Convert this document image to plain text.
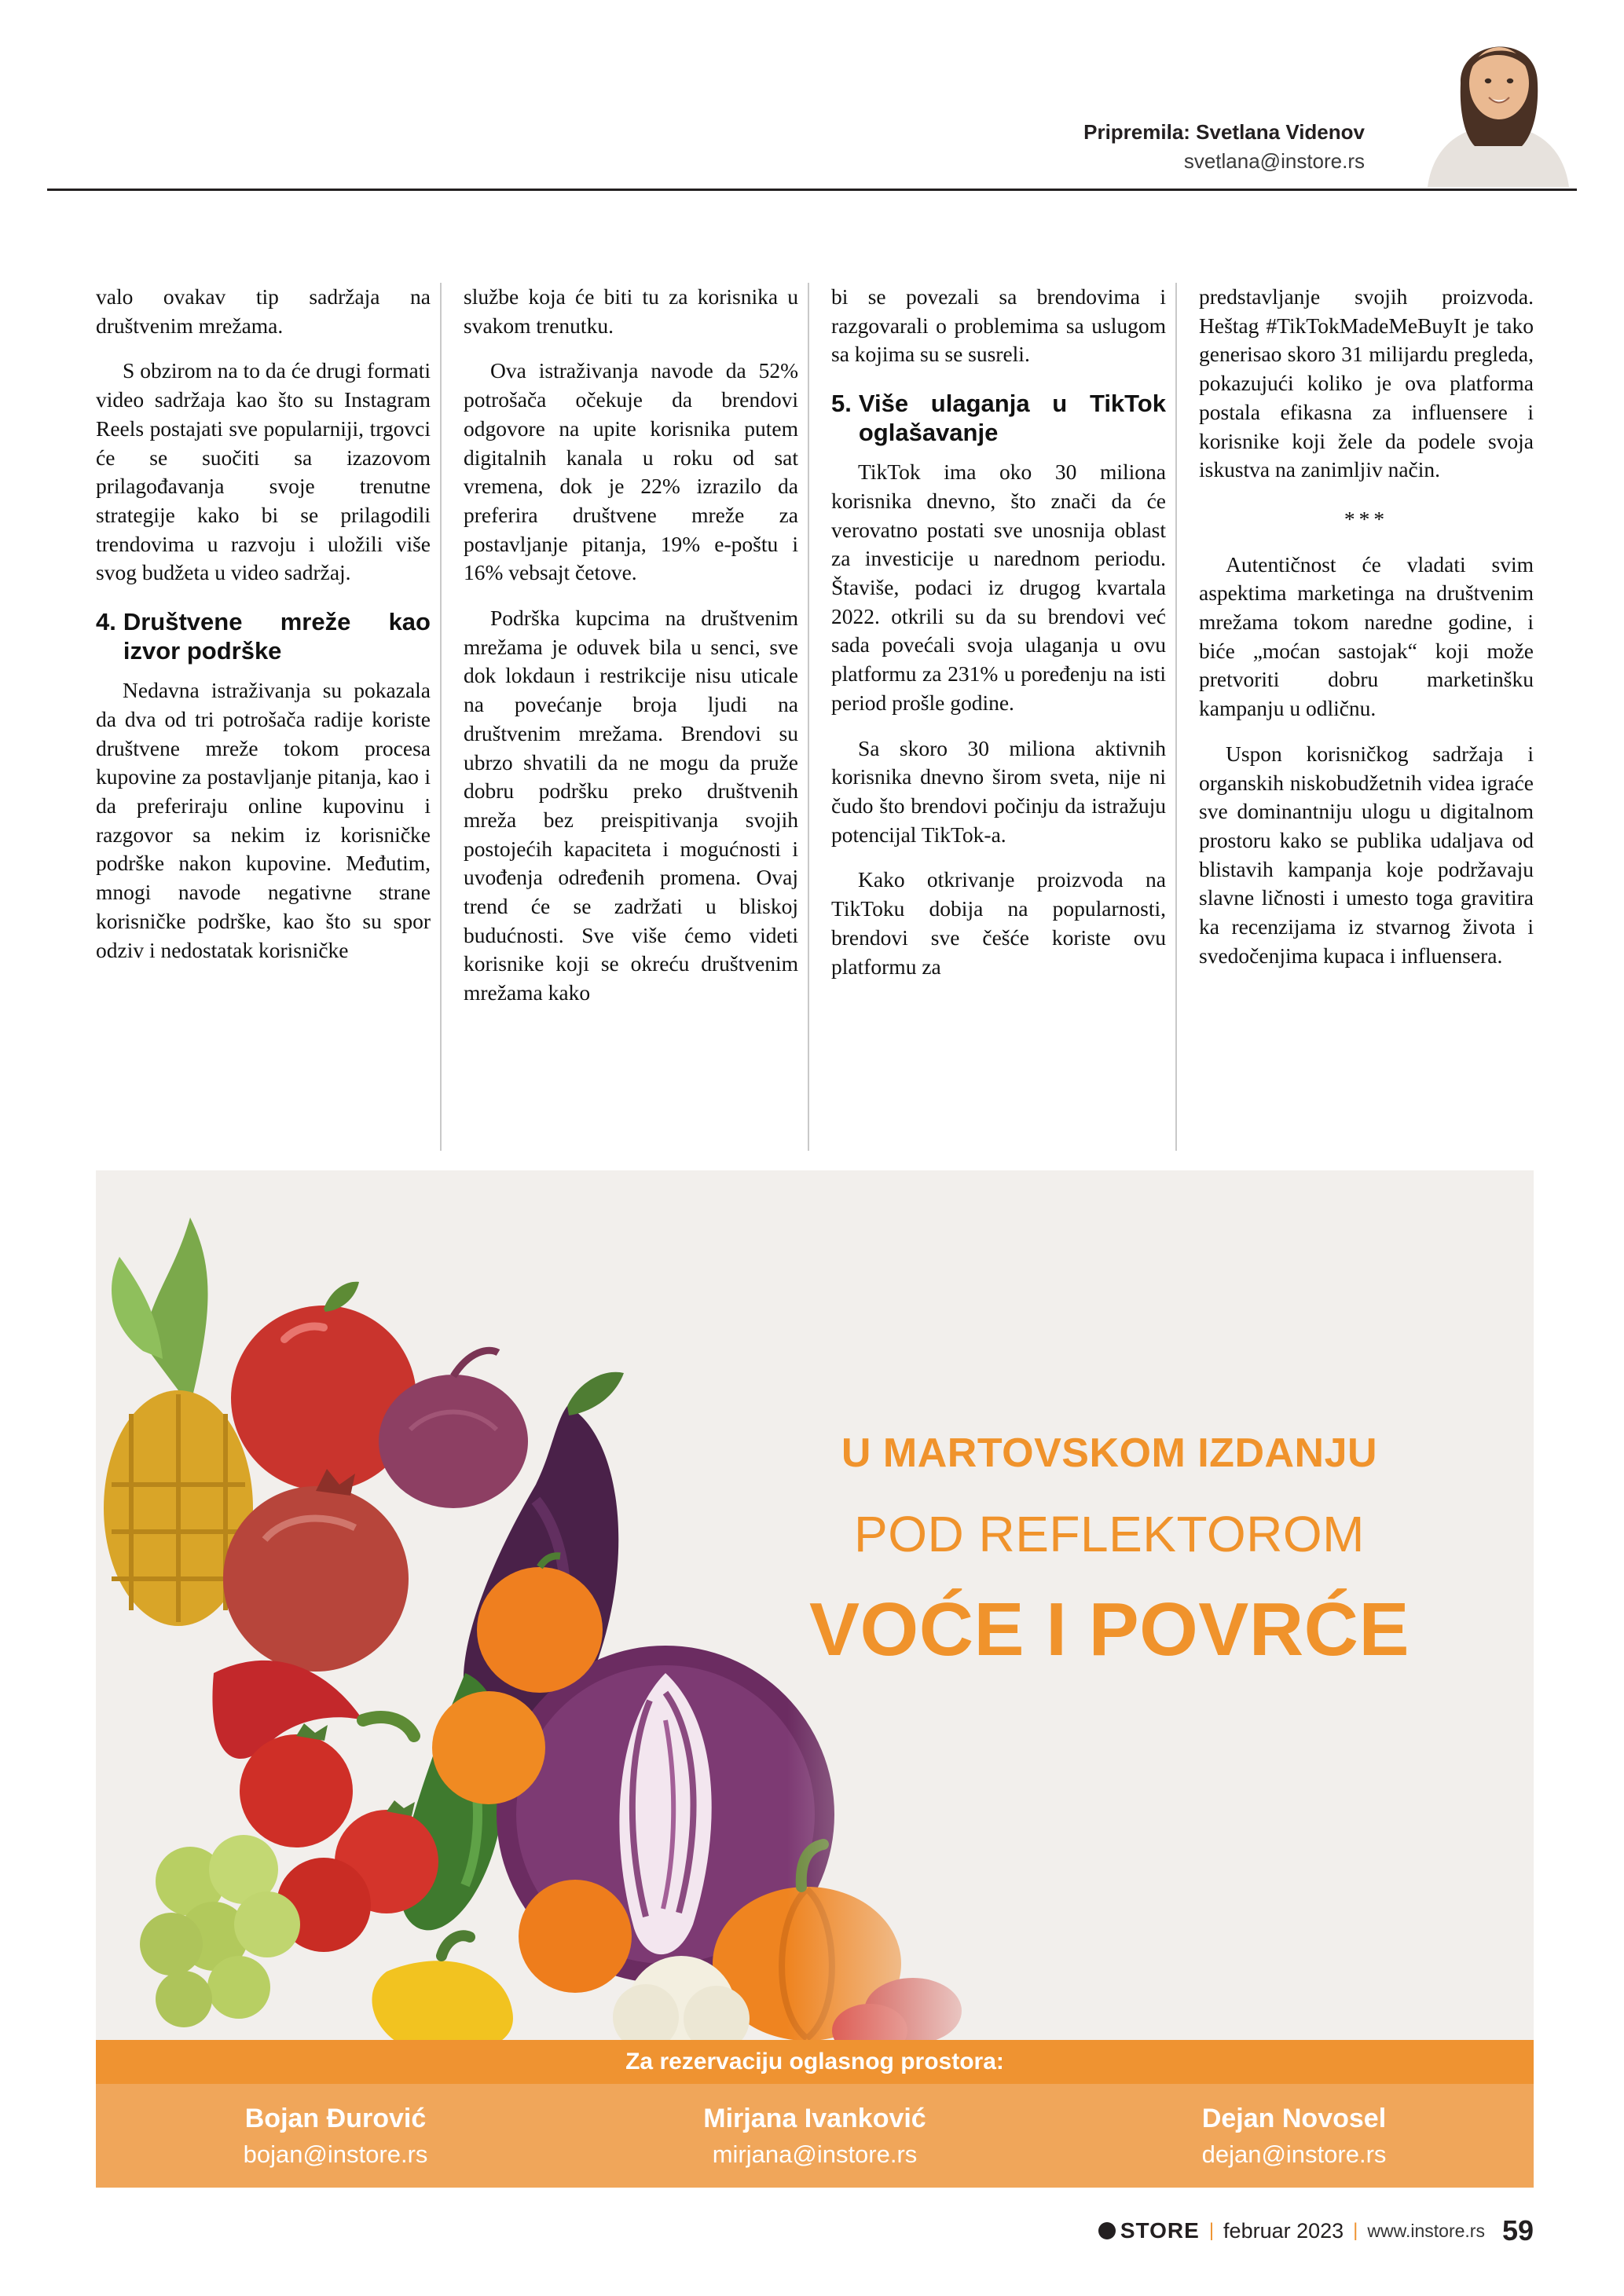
Pripremila: Svetlana Videnov
svetlana@instore.rs

valo ovakav tip sadržaja na društvenim mrežama.

S obzirom na to da će drugi formati video sadržaja kao što su Instagram Reels postajati sve popularniji, trgovci će se suočiti sa izazovom prilagođavanja svoje trenutne strategije kako bi se prilagodili trendovima u razvoju i uložili više svog budžeta u video sadržaj.

4. Društvene mreže kao izvor podrške

Nedavna istraživanja su pokazala da dva od tri potrošača radije koriste društvene mreže tokom procesa kupovine za postavljanje pitanja, kao i da preferiraju online kupovinu i razgovor sa nekim iz korisničke podrške nakon kupovine. Međutim, mnogi navode negativne strane korisničke podrške, kao što su spor odziv i nedostatak korisničke

službe koja će biti tu za korisnika u svakom trenutku.

Ova istraživanja navode da 52% potrošača očekuje da brendovi odgovore na upite korisnika putem digitalnih kanala u roku od sat vremena, dok je 22% izrazilo da preferira društvene mreže za postavljanje pitanja, 19% e-poštu i 16% vebsajt četove.

Podrška kupcima na društvenim mrežama je oduvek bila u senci, sve dok lokdaun i restrikcije nisu uticale na povećanje broja ljudi na društvenim mrežama. Brendovi su ubrzo shvatili da ne mogu da pruže dobru podršku preko društvenih mreža bez preispitivanja svojih postojećih kapaciteta i mogućnosti i uvođenja određenih promena. Ovaj trend će se zadržati u bliskoj budućnosti. Sve više ćemo videti korisnike koji se okreću društvenim mrežama kako

bi se povezali sa brendovima i razgovarali o problemima sa uslugom sa kojima su se susreli.

5. Više ulaganja u TikTok oglašavanje

TikTok ima oko 30 miliona korisnika dnevno, što znači da će verovatno postati sve unosnija oblast za investicije u narednom periodu. Štaviše, podaci iz drugog kvartala 2022. otkrili su da su brendovi već sada povećali svoja ulaganja u ovu platformu za 231% u poređenju na isti period prošle godine.

Sa skoro 30 miliona aktivnih korisnika dnevno širom sveta, nije ni čudo što brendovi počinju da istražuju potencijal TikTok-a.

Kako otkrivanje proizvoda na TikToku dobija na popularnosti, brendovi sve češće koriste ovu platformu za

predstavljanje svojih proizvoda. Heštag #TikTokMadeMeBuyIt je tako generisao skoro 31 milijardu pregleda, pokazujući koliko je ova platforma postala efikasna za influensere i korisnike koji žele da podele svoja iskustva na zanimljiv način.

***

Autentičnost će vladati svim aspektima marketinga na društvenim mrežama tokom naredne godine, i biće „moćan sastojak“ koji može pretvoriti dobru marketinšku kampanju u odličnu.

Uspon korisničkog sadržaja i organskih niskobudžetnih videa igraće sve dominantniju ulogu u digitalnom prostoru kako se publika udaljava od blistavih kampanja koje podržavaju slavne ličnosti i umesto toga gravitira ka recenzijama iz stvarnog života i svedočenjima kupaca i influensera.

U MARTOVSKOM IZDANJU
POD REFLEKTOROM
VOĆE I POVRĆE
Za rezervaciju oglasnog prostora:
Bojan Đurović
bojan@instore.rs
Mirjana Ivanković
mirjana@instore.rs
Dejan Novosel
dejan@instore.rs
STORE | februar 2023 | www.instore.rs 59
